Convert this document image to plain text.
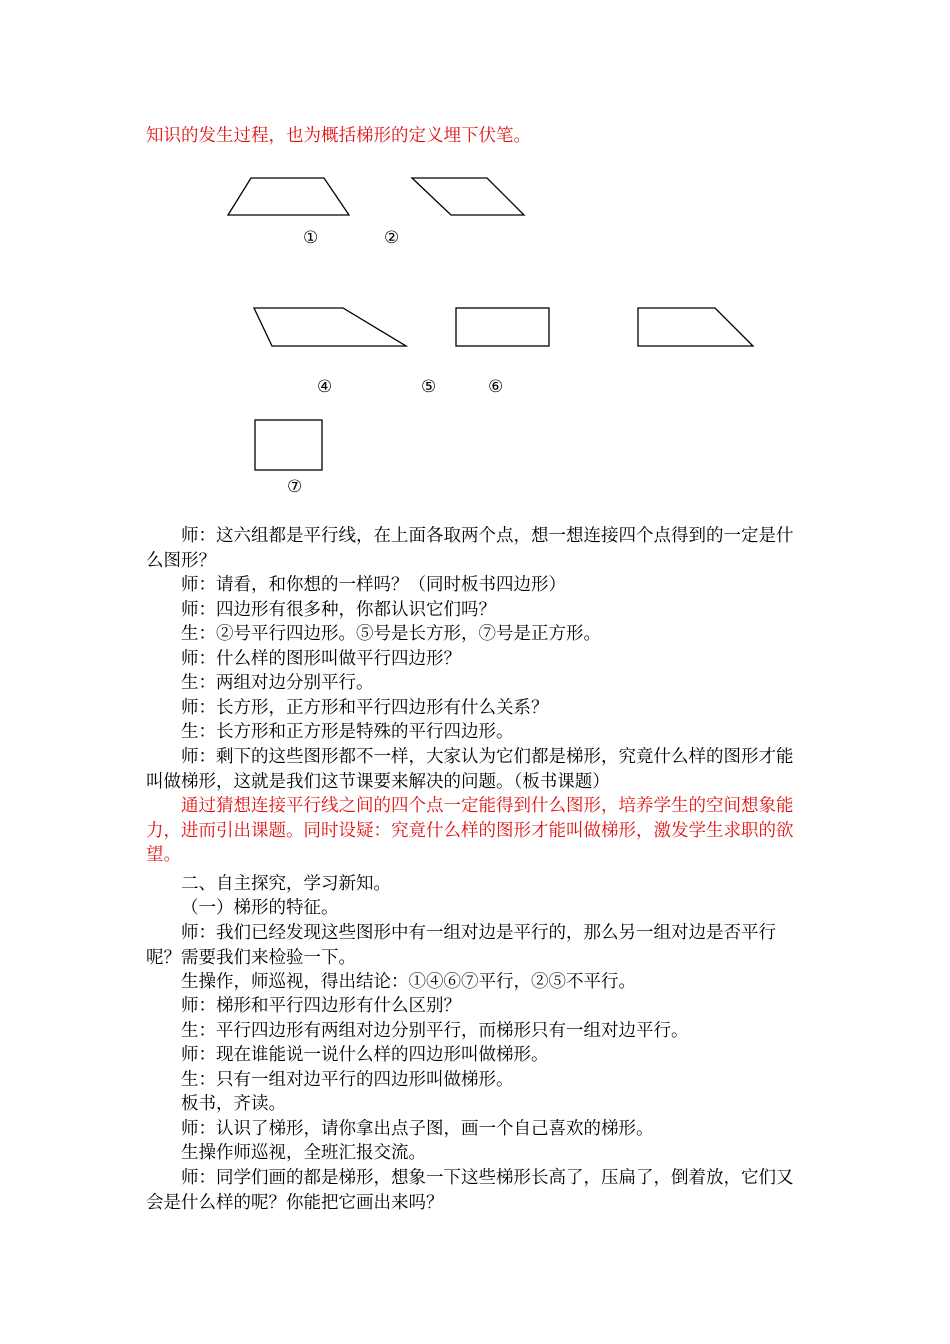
知识的发生过程，也为概括梯形的定义埋下伏笔。
①	②
④	⑤	⑥
⑦
师：这六组都是平行线，在上面各取两个点，想一想连接四个点得到的一定是什么图形？
师：请看，和你想的一样吗？（同时板书四边形）
师：四边形有很多种，你都认识它们吗？
生：②号平行四边形。⑤号是长方形，⑦号是正方形。
师：什么样的图形叫做平行四边形？
生：两组对边分别平行。
师：长方形，正方形和平行四边形有什么关系？
生：长方形和正方形是特殊的平行四边形。
师：剩下的这些图形都不一样，大家认为它们都是梯形，究竟什么样的图形才能叫做梯形，这就是我们这节课要来解决的问题。（板书课题）
通过猜想连接平行线之间的四个点一定能得到什么图形，培养学生的空间想象能力，进而引出课题。同时设疑：究竟什么样的图形才能叫做梯形，激发学生求职的欲望。
二、自主探究，学习新知。
（一）梯形的特征。
师：我们已经发现这些图形中有一组对边是平行的，那么另一组对边是否平行呢？需要我们来检验一下。
生操作，师巡视，得出结论：①④⑥⑦平行，②⑤不平行。
师：梯形和平行四边形有什么区别？
生：平行四边形有两组对边分别平行，而梯形只有一组对边平行。
师：现在谁能说一说什么样的四边形叫做梯形。
生：只有一组对边平行的四边形叫做梯形。
板书，齐读。
师：认识了梯形，请你拿出点子图，画一个自己喜欢的梯形。
生操作师巡视，全班汇报交流。
师：同学们画的都是梯形，想象一下这些梯形长高了，压扁了，倒着放，它们又会是什么样的呢？你能把它画出来吗？
